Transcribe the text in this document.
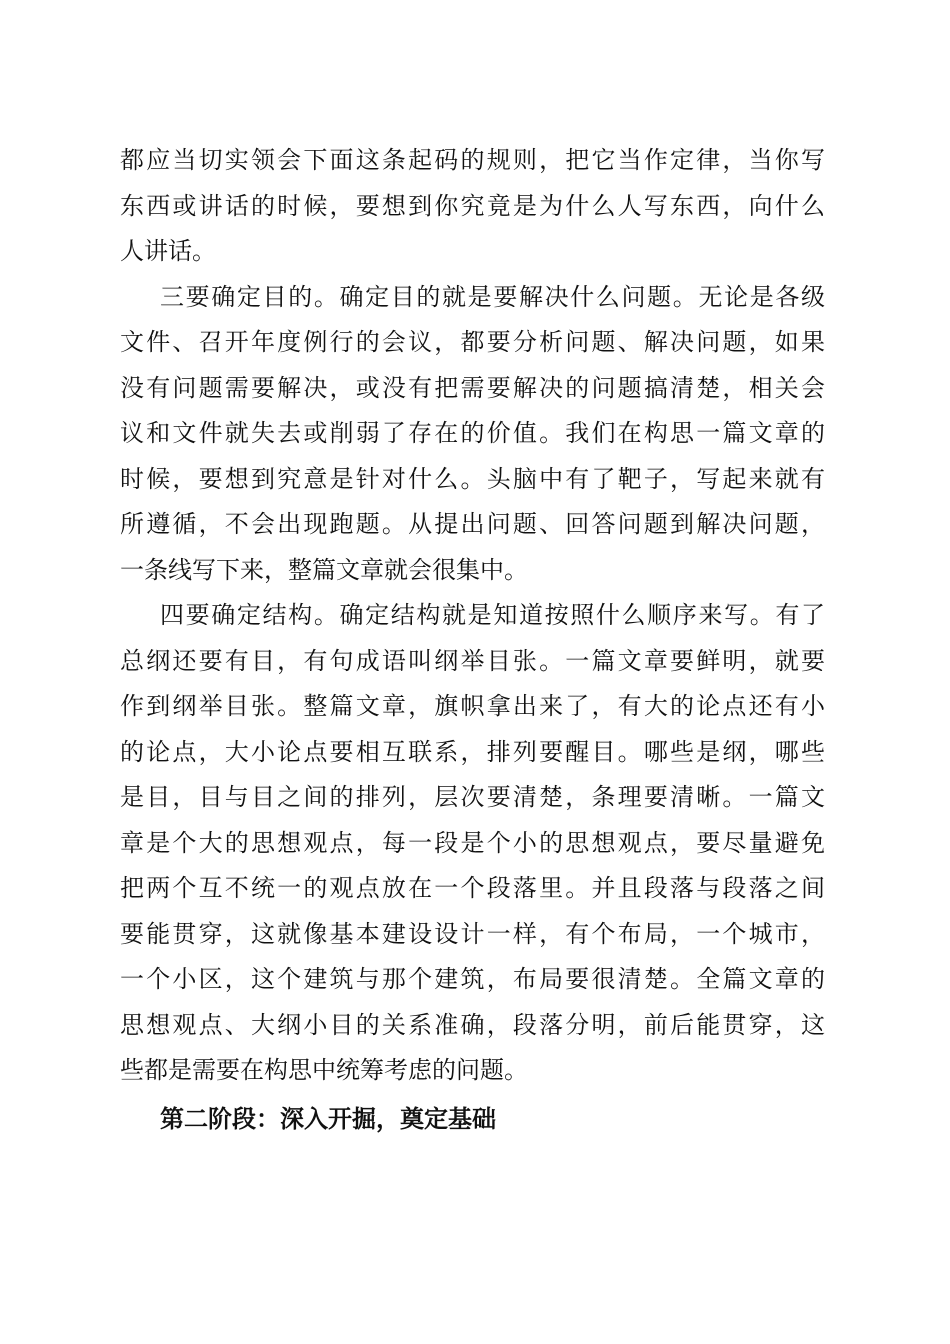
都应当切实领会下面这条起码的规则，把它当作定律，当你写
东西或讲话的时候，要想到你究竟是为什么人写东西，向什么
人讲话。
三要确定目的。确定目的就是要解决什么问题。无论是各级
文件、召开年度例行的会议，都要分析问题、解决问题，如果
没有问题需要解决，或没有把需要解决的问题搞清楚，相关会
议和文件就失去或削弱了存在的价值。我们在构思一篇文章的
时候，要想到究意是针对什么。头脑中有了靶子，写起来就有
所遵循，不会出现跑题。从提出问题、回答问题到解决问题，
一条线写下来，整篇文章就会很集中。
四要确定结构。确定结构就是知道按照什么顺序来写。有了
总纲还要有目，有句成语叫纲举目张。一篇文章要鲜明，就要
作到纲举目张。整篇文章，旗帜拿出来了，有大的论点还有小
的论点，大小论点要相互联系，排列要醒目。哪些是纲，哪些
是目，目与目之间的排列，层次要清楚，条理要清晰。一篇文
章是个大的思想观点，每一段是个小的思想观点，要尽量避免
把两个互不统一的观点放在一个段落里。并且段落与段落之间
要能贯穿，这就像基本建设设计一样，有个布局，一个城市，
一个小区，这个建筑与那个建筑，布局要很清楚。全篇文章的
思想观点、大纲小目的关系准确，段落分明，前后能贯穿，这
些都是需要在构思中统筹考虑的问题。
第二阶段：深入开掘，奠定基础
